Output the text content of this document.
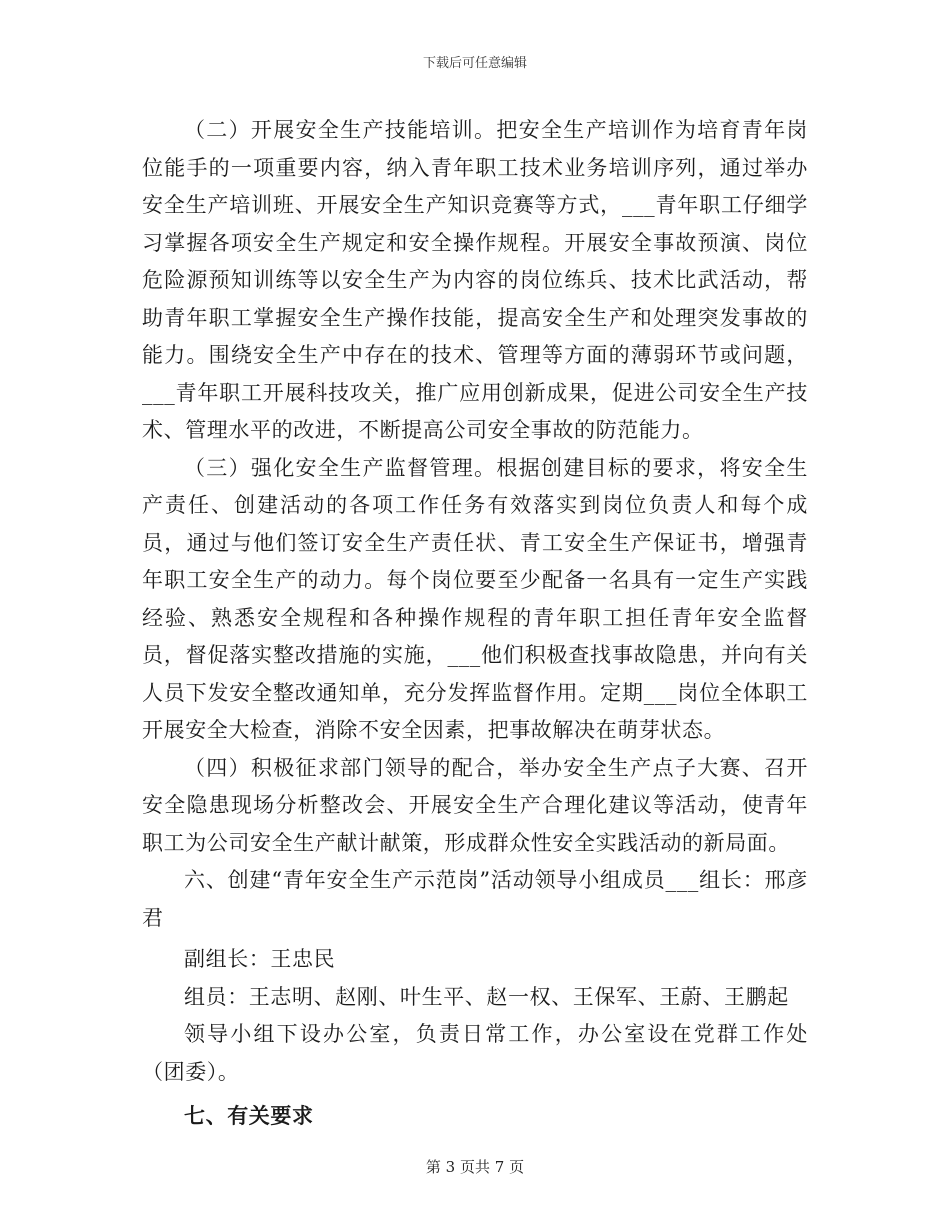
下载后可任意编辑

（二）开展安全生产技能培训。把安全生产培训作为培育青年岗位能手的一项重要内容，纳入青年职工技术业务培训序列，通过举办安全生产培训班、开展安全生产知识竞赛等方式，___青年职工仔细学习掌握各项安全生产规定和安全操作规程。开展安全事故预演、岗位危险源预知训练等以安全生产为内容的岗位练兵、技术比武活动，帮助青年职工掌握安全生产操作技能，提高安全生产和处理突发事故的能力。围绕安全生产中存在的技术、管理等方面的薄弱环节或问题，___青年职工开展科技攻关，推广应用创新成果，促进公司安全生产技术、管理水平的改进，不断提高公司安全事故的防范能力。

（三）强化安全生产监督管理。根据创建目标的要求，将安全生产责任、创建活动的各项工作任务有效落实到岗位负责人和每个成员，通过与他们签订安全生产责任状、青工安全生产保证书，增强青年职工安全生产的动力。每个岗位要至少配备一名具有一定生产实践经验、熟悉安全规程和各种操作规程的青年职工担任青年安全监督员，督促落实整改措施的实施，___他们积极查找事故隐患，并向有关人员下发安全整改通知单，充分发挥监督作用。定期___岗位全体职工开展安全大检查，消除不安全因素，把事故解决在萌芽状态。

（四）积极征求部门领导的配合，举办安全生产点子大赛、召开安全隐患现场分析整改会、开展安全生产合理化建议等活动，使青年职工为公司安全生产献计献策，形成群众性安全实践活动的新局面。

六、创建“青年安全生产示范岗”活动领导小组成员___组长：邢彦君

副组长：王忠民

组员：王志明、赵刚、叶生平、赵一权、王保军、王蔚、王鹏起

领导小组下设办公室，负责日常工作，办公室设在党群工作处（团委）。

七、有关要求

第 3 页共 7 页
